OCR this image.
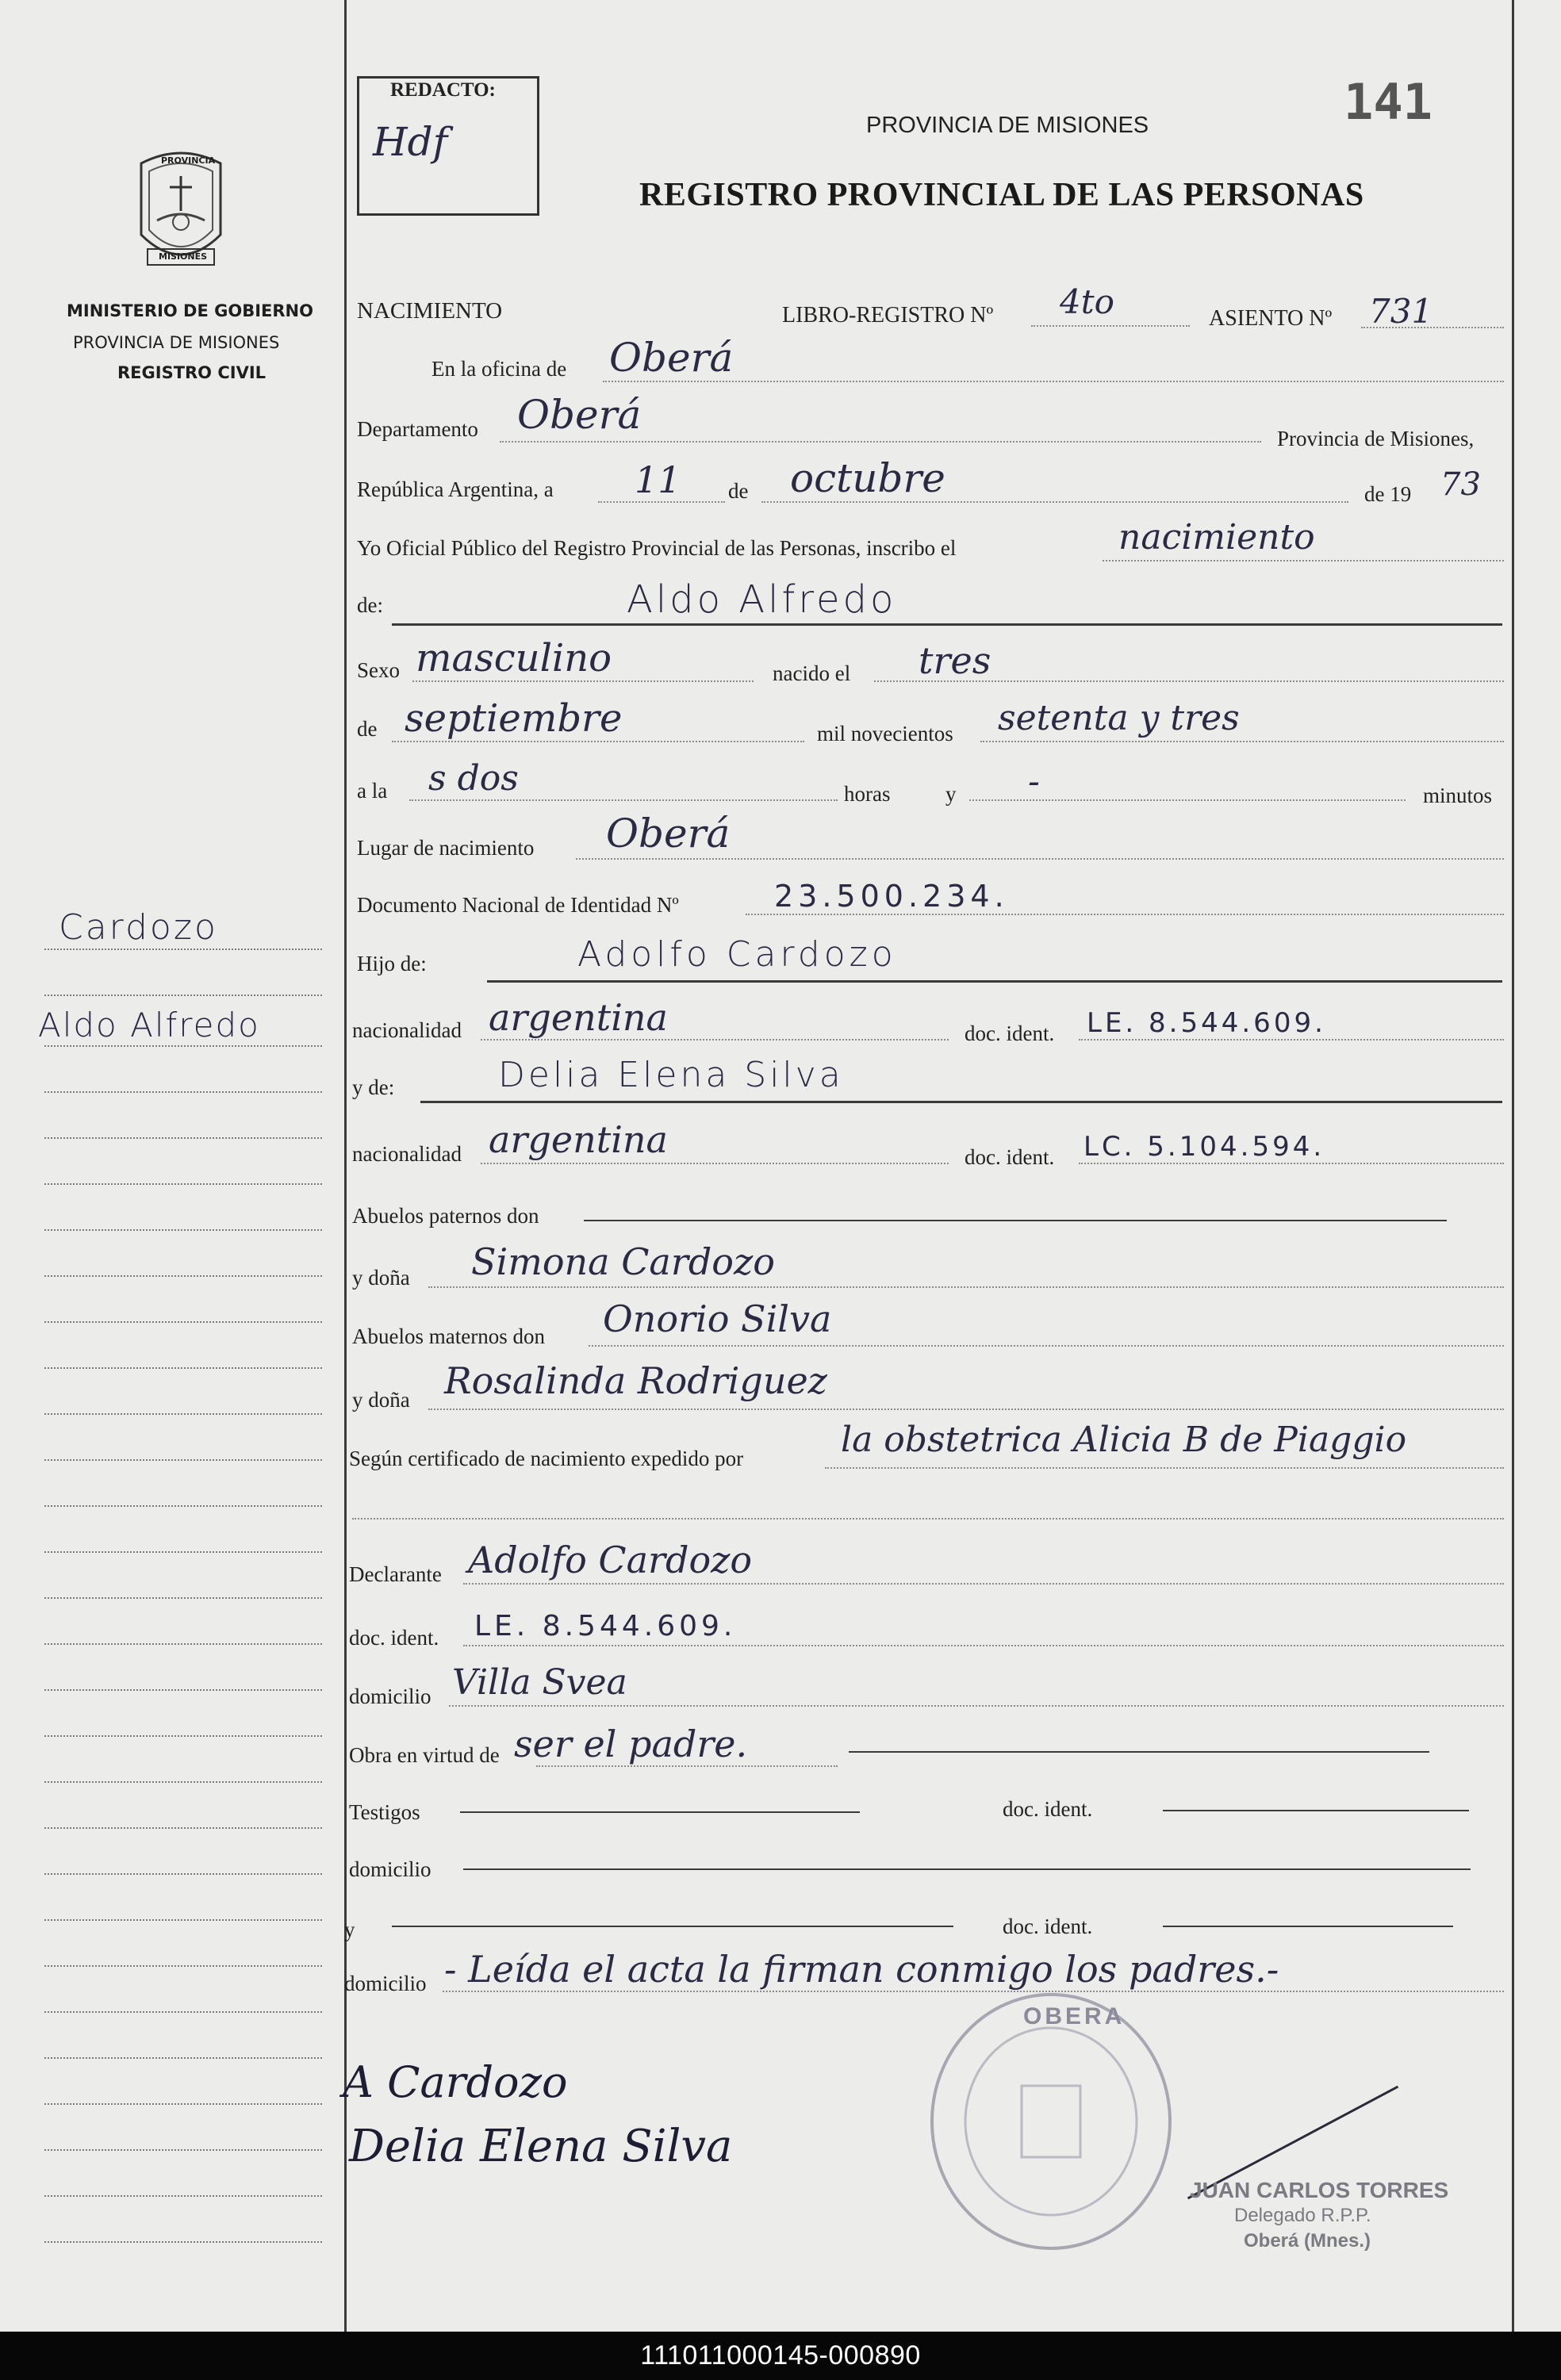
PROVINCIA
MISIONES
MINISTERIO DE GOBIERNO
PROVINCIA DE MISIONES
REGISTRO CIVIL
REDACTO:
Hdf
141
PROVINCIA DE MISIONES
REGISTRO PROVINCIAL DE LAS PERSONAS
NACIMIENTO	LIBRO-REGISTRO Nº 4to	ASIENTO Nº 731
En la oficina de Oberá
Departamento Oberá
Provincia de Misiones,
República Argentina, a 11 de octubre	de 19 73
Yo Oficial Público del Registro Provincial de las Personas, inscribo el	nacimiento
de:	Aldo Alfredo
Sexo masculino	nacido el tres
de septiembre	mil novecientos setenta y tres
a la s dos	horas	y -	minutos
Lugar de nacimiento Oberá
Documento Nacional de Identidad Nº	23.500.234.
Hijo de:	Adolfo Cardozo
nacionalidad argentina	doc. ident. LE. 8.544.609.
y de:	Delia Elena Silva
nacionalidad argentina	doc. ident. LC. 5.104.594.
Abuelos paternos don
y doña Simona Cardozo
Abuelos maternos don Onorio Silva
y doña Rosalinda Rodriguez
Según certificado de nacimiento expedido por	la obstetrica Alicia B de Piaggio
Declarante Adolfo Cardozo
doc. ident. LE. 8.544.609.
domicilio Villa Svea
Obra en virtud de ser el padre.
Testigos	doc. ident.
domicilio
y	doc. ident.
domicilio - Leída el acta la firman conmigo los padres.-
Cardozo
Aldo Alfredo
A Cardozo
Delia Elena Silva
OBERA
JUAN CARLOS TORRES
Delegado R.P.P.
Oberá (Mnes.)
111011000145-000890
